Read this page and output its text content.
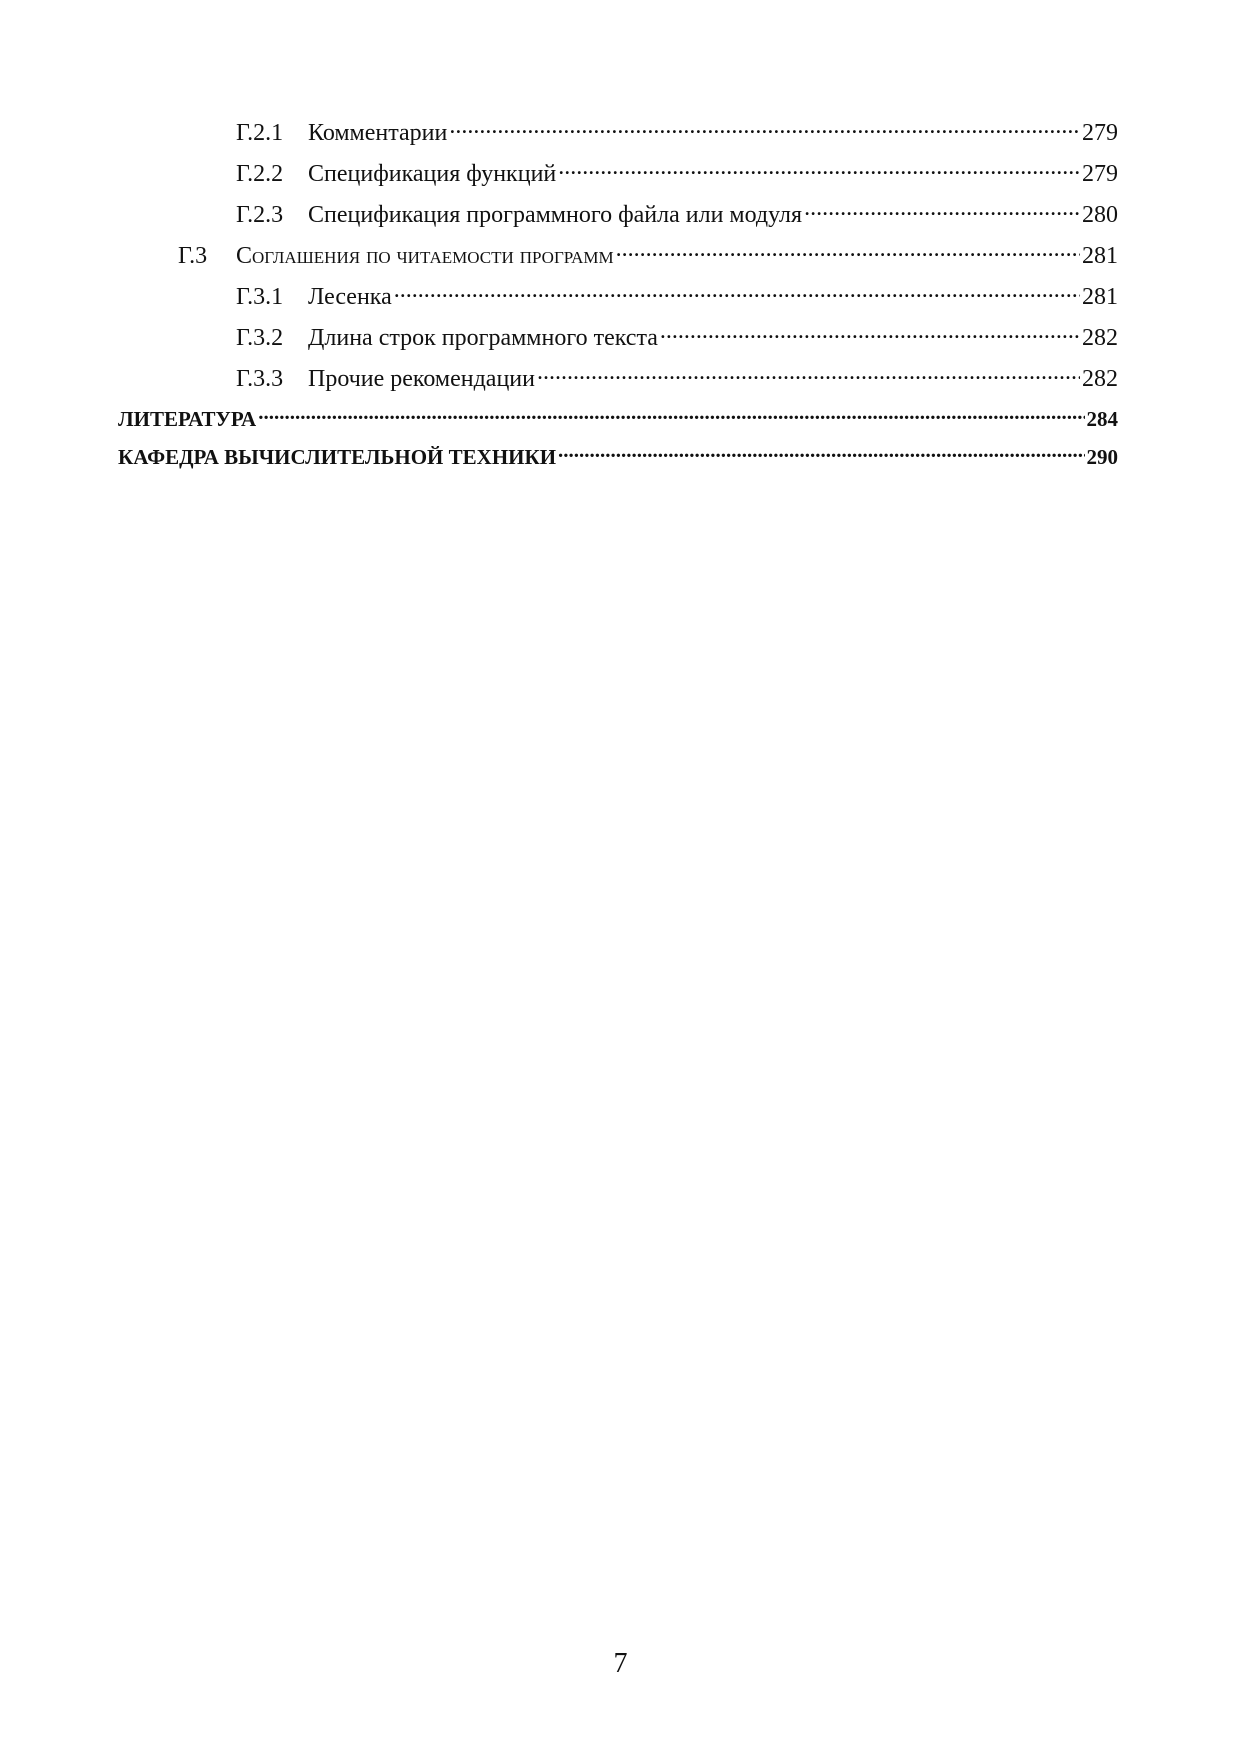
Г.2.1	Комментарии .....	279
Г.2.2	Спецификация функций .....	279
Г.2.3	Спецификация программного файла или модуля .....	280
Г.3 Соглашения по читаемости программ .....	281
Г.3.1	Лесенка .....	281
Г.3.2	Длина строк программного текста .....	282
Г.3.3	Прочие рекомендации .....	282
ЛИТЕРАТУРА .....	284
КАФЕДРА ВЫЧИСЛИТЕЛЬНОЙ ТЕХНИКИ .....	290
7
